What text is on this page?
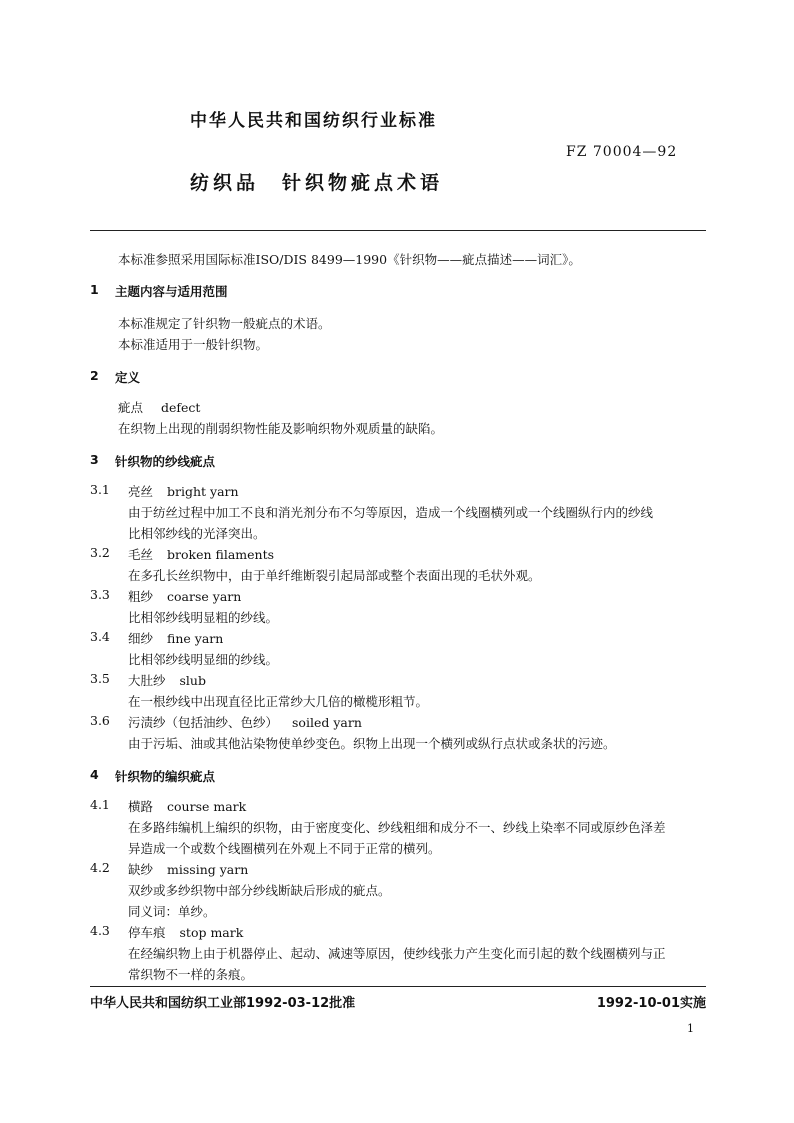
中华人民共和国纺织行业标准
FZ 70004—92
纺织品　针织物疵点术语
本标准参照采用国际标准ISO/DIS 8499—1990《针织物——疵点描述——词汇》。
1 主题内容与适用范围
本标准规定了针织物一般疵点的术语。
本标准适用于一般针织物。
2 定义
疵点 defect
在织物上出现的削弱织物性能及影响织物外观质量的缺陷。
3 针织物的纱线疵点
3.1 亮丝 bright yarn
由于纺丝过程中加工不良和消光剂分布不匀等原因，造成一个线圈横列或一个线圈纵行内的纱线
比相邻纱线的光泽突出。
3.2 毛丝 broken filaments
在多孔长丝织物中，由于单纤维断裂引起局部或整个表面出现的毛状外观。
3.3 粗纱 coarse yarn
比相邻纱线明显粗的纱线。
3.4 细纱 fine yarn
比相邻纱线明显细的纱线。
3.5 大肚纱 slub
在一根纱线中出现直径比正常纱大几倍的橄榄形粗节。
3.6 污渍纱（包括油纱、色纱） soiled yarn
由于污垢、油或其他沾染物使单纱变色。织物上出现一个横列或纵行点状或条状的污迹。
4 针织物的编织疵点
4.1 横路 course mark
在多路纬编机上编织的织物，由于密度变化、纱线粗细和成分不一、纱线上染率不同或原纱色泽差
异造成一个或数个线圈横列在外观上不同于正常的横列。
4.2 缺纱 missing yarn
双纱或多纱织物中部分纱线断缺后形成的疵点。
同义词：单纱。
4.3 停车痕 stop mark
在经编织物上由于机器停止、起动、减速等原因，使纱线张力产生变化而引起的数个线圈横列与正
常织物不一样的条痕。
中华人民共和国纺织工业部1992-03-12批准	1992-10-01实施
1
